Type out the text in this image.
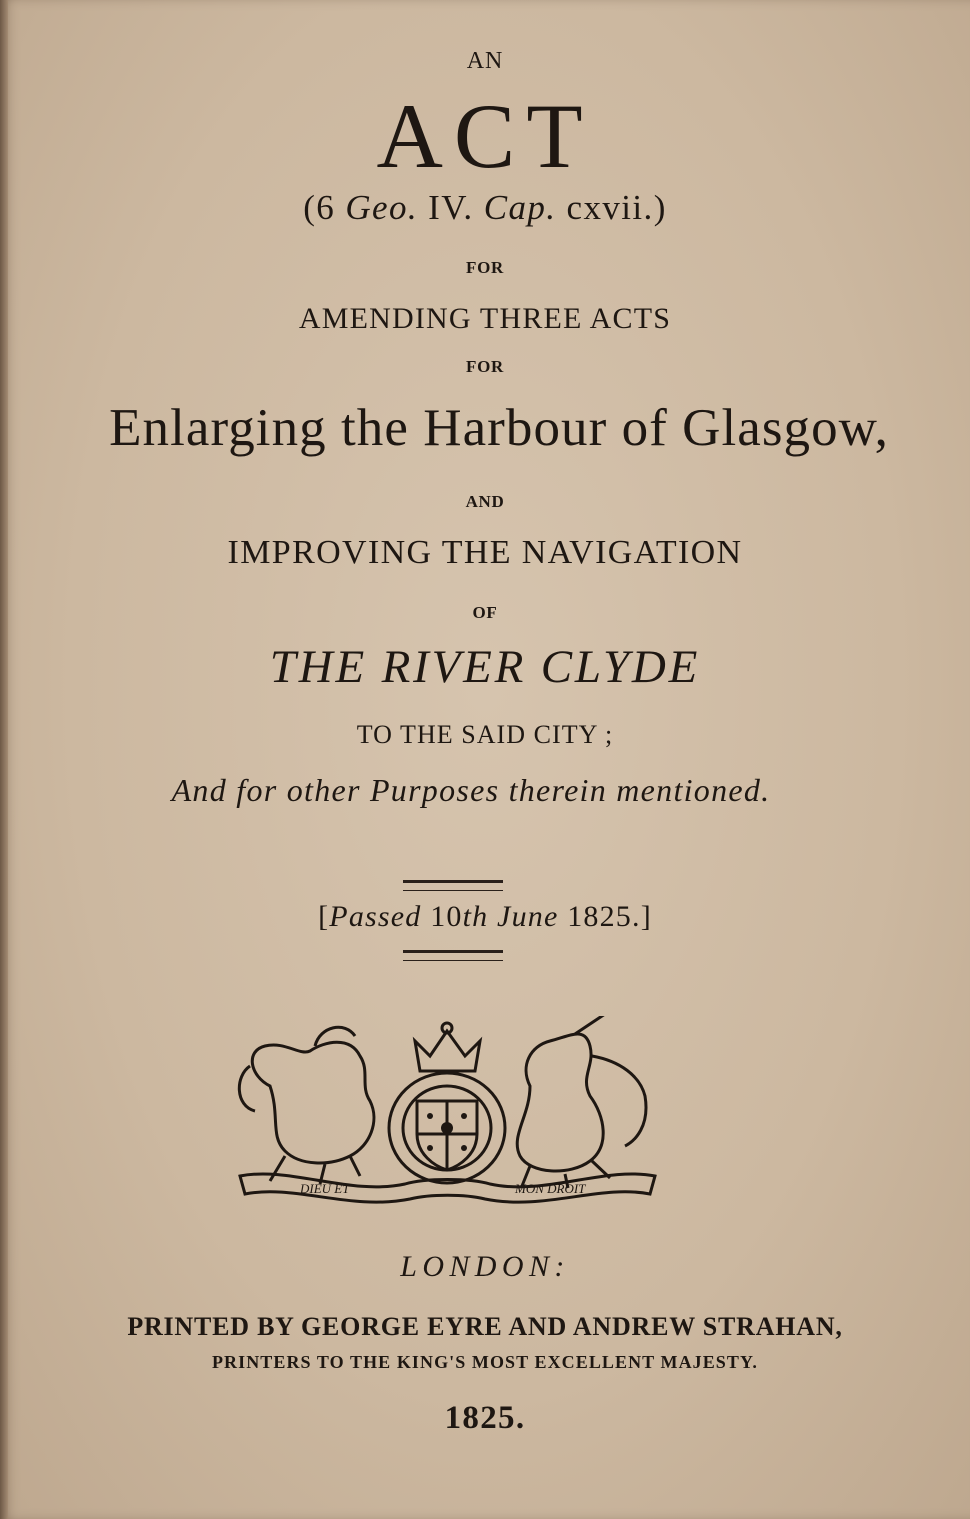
AN
ACT
(6 Geo. IV. Cap. cxvii.)
FOR
AMENDING THREE ACTS
FOR
Enlarging the Harbour of Glasgow,
AND
IMPROVING THE NAVIGATION
OF
THE RIVER CLYDE
TO THE SAID CITY ;
And for other Purposes therein mentioned.
[Passed 10th June 1825.]
DIEU ET	MON DROIT
LONDON:
PRINTED BY GEORGE EYRE AND ANDREW STRAHAN,
PRINTERS TO THE KING'S MOST EXCELLENT MAJESTY.
1825.
